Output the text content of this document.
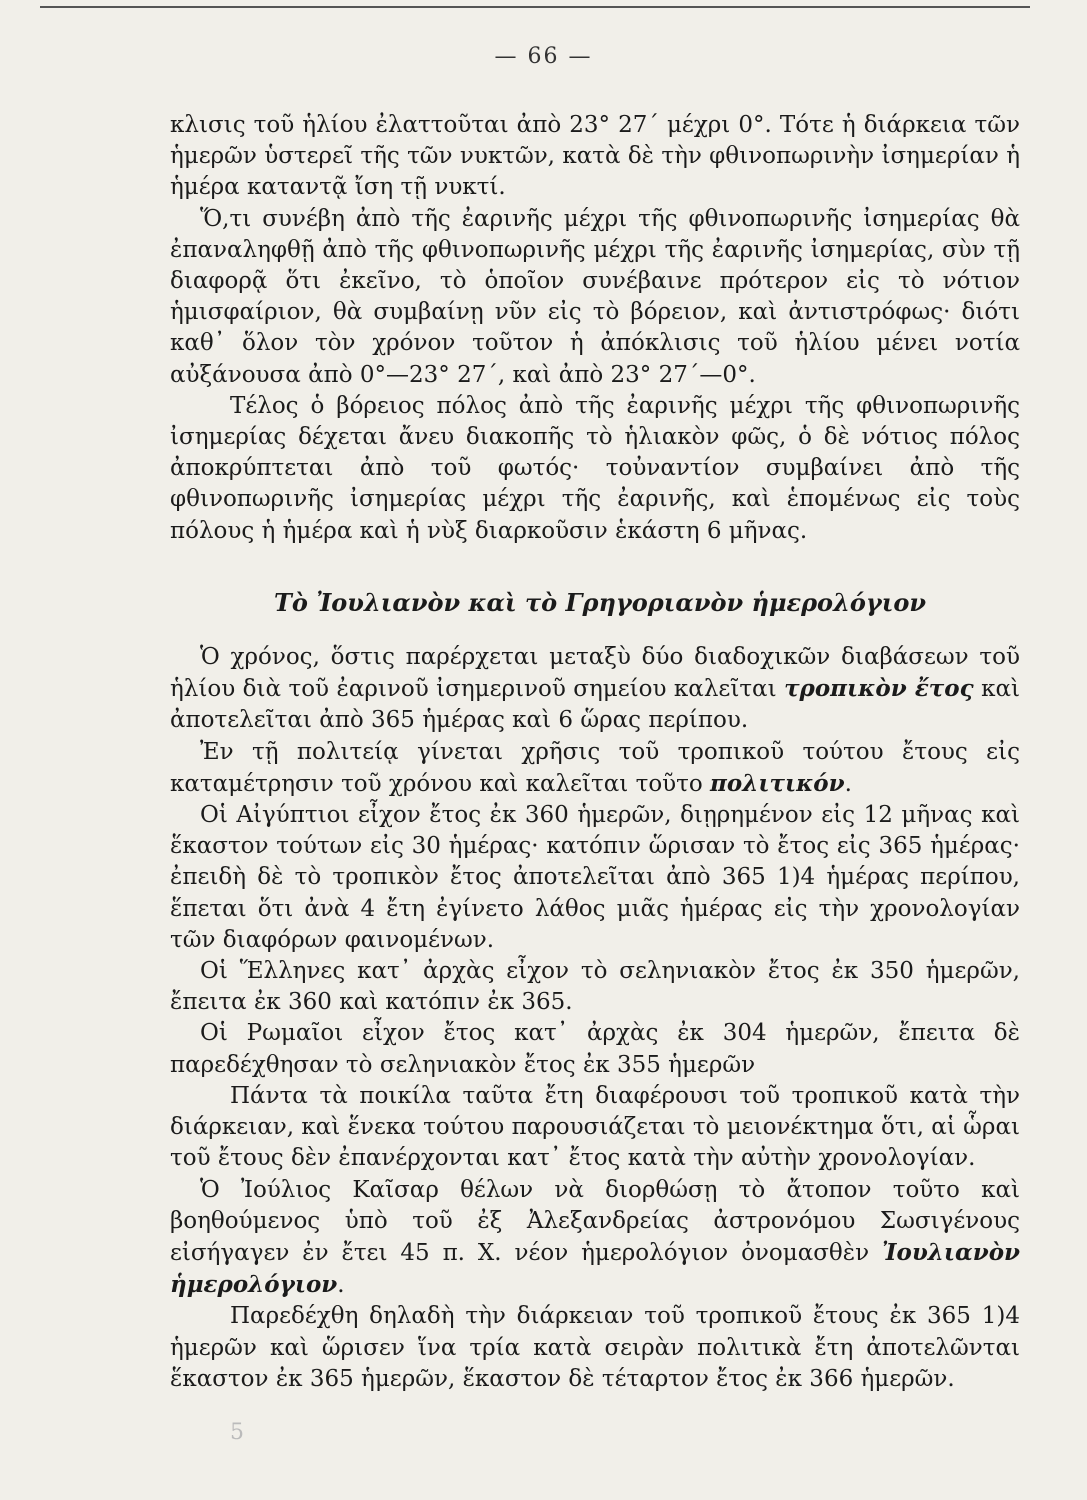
— 66 —

κλισις τοῦ ἡλίου ἐλαττοῦται ἀπὸ 23° 27΄ μέχρι 0°. Τότε ἡ διάρκεια τῶν ἡμερῶν ὑστερεῖ τῆς τῶν νυκτῶν, κατὰ δὲ τὴν φθινοπωρινὴν ἰσημερίαν ἡ ἡμέρα καταντᾷ ἴση τῇ νυκτί.

Ὅ,τι συνέβη ἀπὸ τῆς ἐαρινῆς μέχρι τῆς φθινοπωρινῆς ἰσημερίας θὰ ἐπαναληφθῇ ἀπὸ τῆς φθινοπωρινῆς μέχρι τῆς ἐαρινῆς ἰσημερίας, σὺν τῇ διαφορᾷ ὅτι ἐκεῖνο, τὸ ὁποῖον συνέβαινε πρότερον εἰς τὸ νότιον ἡμισφαίριον, θὰ συμβαίνῃ νῦν εἰς τὸ βόρειον, καὶ ἀντιστρόφως· διότι καθ᾽ ὅλον τὸν χρόνον τοῦτον ἡ ἀπόκλισις τοῦ ἡλίου μένει νοτία αὐξάνουσα ἀπὸ 0°—23° 27΄, καὶ ἀπὸ 23° 27΄—0°.

Τέλος ὁ βόρειος πόλος ἀπὸ τῆς ἐαρινῆς μέχρι τῆς φθινοπωρινῆς ἰσημερίας δέχεται ἄνευ διακοπῆς τὸ ἡλιακὸν φῶς, ὁ δὲ νότιος πόλος ἀποκρύπτεται ἀπὸ τοῦ φωτός· τοὐναντίον συμβαίνει ἀπὸ τῆς φθινοπωρινῆς ἰσημερίας μέχρι τῆς ἐαρινῆς, καὶ ἑπομένως εἰς τοὺς πόλους ἡ ἡμέρα καὶ ἡ νὺξ διαρκοῦσιν ἑκάστη 6 μῆνας.

Τὸ Ἰουλιανὸν καὶ τὸ Γρηγοριανὸν ἡμερολόγιον

Ὁ χρόνος, ὅστις παρέρχεται μεταξὺ δύο διαδοχικῶν διαβάσεων τοῦ ἡλίου διὰ τοῦ ἐαρινοῦ ἰσημερινοῦ σημείου καλεῖται τροπικὸν ἔτος καὶ ἀποτελεῖται ἀπὸ 365 ἡμέρας καὶ 6 ὥρας περίπου.

Ἐν τῇ πολιτείᾳ γίνεται χρῆσις τοῦ τροπικοῦ τούτου ἔτους εἰς καταμέτρησιν τοῦ χρόνου καὶ καλεῖται τοῦτο πολιτικόν.

Οἱ Αἰγύπτιοι εἶχον ἔτος ἐκ 360 ἡμερῶν, διῃρημένον εἰς 12 μῆνας καὶ ἕκαστον τούτων εἰς 30 ἡμέρας· κατόπιν ὥρισαν τὸ ἔτος εἰς 365 ἡμέρας· ἐπειδὴ δὲ τὸ τροπικὸν ἔτος ἀποτελεῖται ἀπὸ 365 1)4 ἡμέρας περίπου, ἕπεται ὅτι ἀνὰ 4 ἔτη ἐγίνετο λάθος μιᾶς ἡμέρας εἰς τὴν χρονολογίαν τῶν διαφόρων φαινομένων.

Οἱ Ἕλληνες κατ᾽ ἀρχὰς εἶχον τὸ σεληνιακὸν ἔτος ἐκ 350 ἡμερῶν, ἔπειτα ἐκ 360 καὶ κατόπιν ἐκ 365.

Οἱ Ρωμαῖοι εἶχον ἔτος κατ᾽ ἀρχὰς ἐκ 304 ἡμερῶν, ἔπειτα δὲ παρεδέχθησαν τὸ σεληνιακὸν ἔτος ἐκ 355 ἡμερῶν

Πάντα τὰ ποικίλα ταῦτα ἔτη διαφέρουσι τοῦ τροπικοῦ κατὰ τὴν διάρκειαν, καὶ ἕνεκα τούτου παρουσιάζεται τὸ μειονέκτημα ὅτι, αἱ ὧραι τοῦ ἔτους δὲν ἐπανέρχονται κατ᾽ ἔτος κατὰ τὴν αὐτὴν χρονολογίαν.

Ὁ Ἰούλιος Καῖσαρ θέλων νὰ διορθώσῃ τὸ ἄτοπον τοῦτο καὶ βοηθούμενος ὑπὸ τοῦ ἐξ Ἀλεξανδρείας ἀστρονόμου Σωσιγένους εἰσήγαγεν ἐν ἔτει 45 π. Χ. νέον ἡμερολόγιον ὀνομασθὲν Ἰουλιανὸν ἡμερολόγιον.

Παρεδέχθη δηλαδὴ τὴν διάρκειαν τοῦ τροπικοῦ ἔτους ἐκ 365 1)4 ἡμερῶν καὶ ὥρισεν ἵνα τρία κατὰ σειρὰν πολιτικὰ ἔτη ἀποτελῶνται ἕκαστον ἐκ 365 ἡμερῶν, ἕκαστον δὲ τέταρτον ἔτος ἐκ 366 ἡμερῶν.

5
